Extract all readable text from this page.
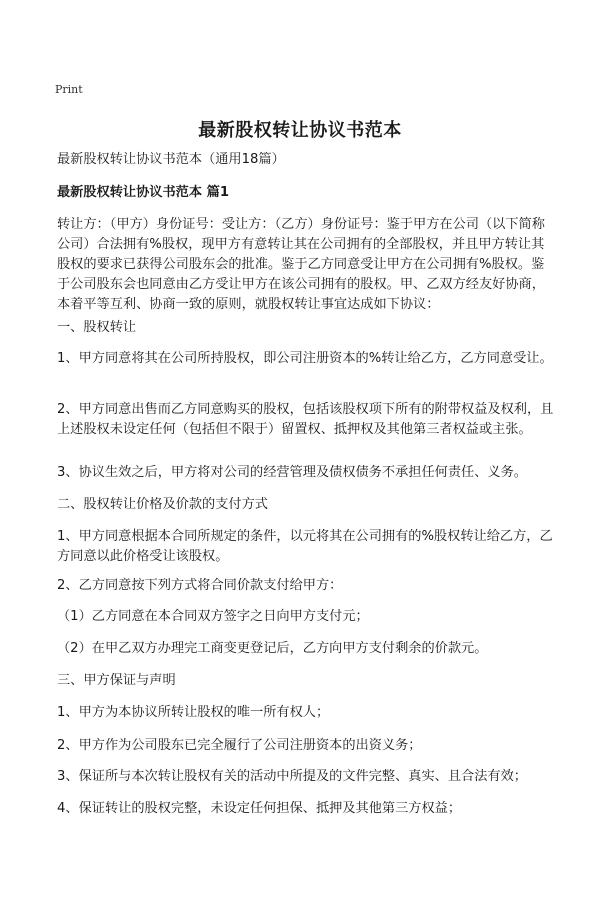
Print
最新股权转让协议书范本
最新股权转让协议书范本（通用18篇）
最新股权转让协议书范本 篇1
转让方：（甲方）身份证号：受让方：（乙方）身份证号：鉴于甲方在公司（以下简称公司）合法拥有%股权，现甲方有意转让其在公司拥有的全部股权，并且甲方转让其股权的要求已获得公司股东会的批准。鉴于乙方同意受让甲方在公司拥有%股权。鉴于公司股东会也同意由乙方受让甲方在该公司拥有的股权。甲、乙双方经友好协商，本着平等互利、协商一致的原则，就股权转让事宜达成如下协议：
一、股权转让
1、甲方同意将其在公司所持股权，即公司注册资本的%转让给乙方，乙方同意受让。
2、甲方同意出售而乙方同意购买的股权，包括该股权项下所有的附带权益及权利，且上述股权未设定任何（包括但不限于）留置权、抵押权及其他第三者权益或主张。
3、协议生效之后，甲方将对公司的经营管理及债权债务不承担任何责任、义务。
二、股权转让价格及价款的支付方式
1、甲方同意根据本合同所规定的条件，以元将其在公司拥有的%股权转让给乙方，乙方同意以此价格受让该股权。
2、乙方同意按下列方式将合同价款支付给甲方：
（1）乙方同意在本合同双方签字之日向甲方支付元；
（2）在甲乙双方办理完工商变更登记后，乙方向甲方支付剩余的价款元。
三、甲方保证与声明
1、甲方为本协议所转让股权的唯一所有权人；
2、甲方作为公司股东已完全履行了公司注册资本的出资义务；
3、保证所与本次转让股权有关的活动中所提及的文件完整、真实、且合法有效；
4、保证转让的股权完整，未设定任何担保、抵押及其他第三方权益；
